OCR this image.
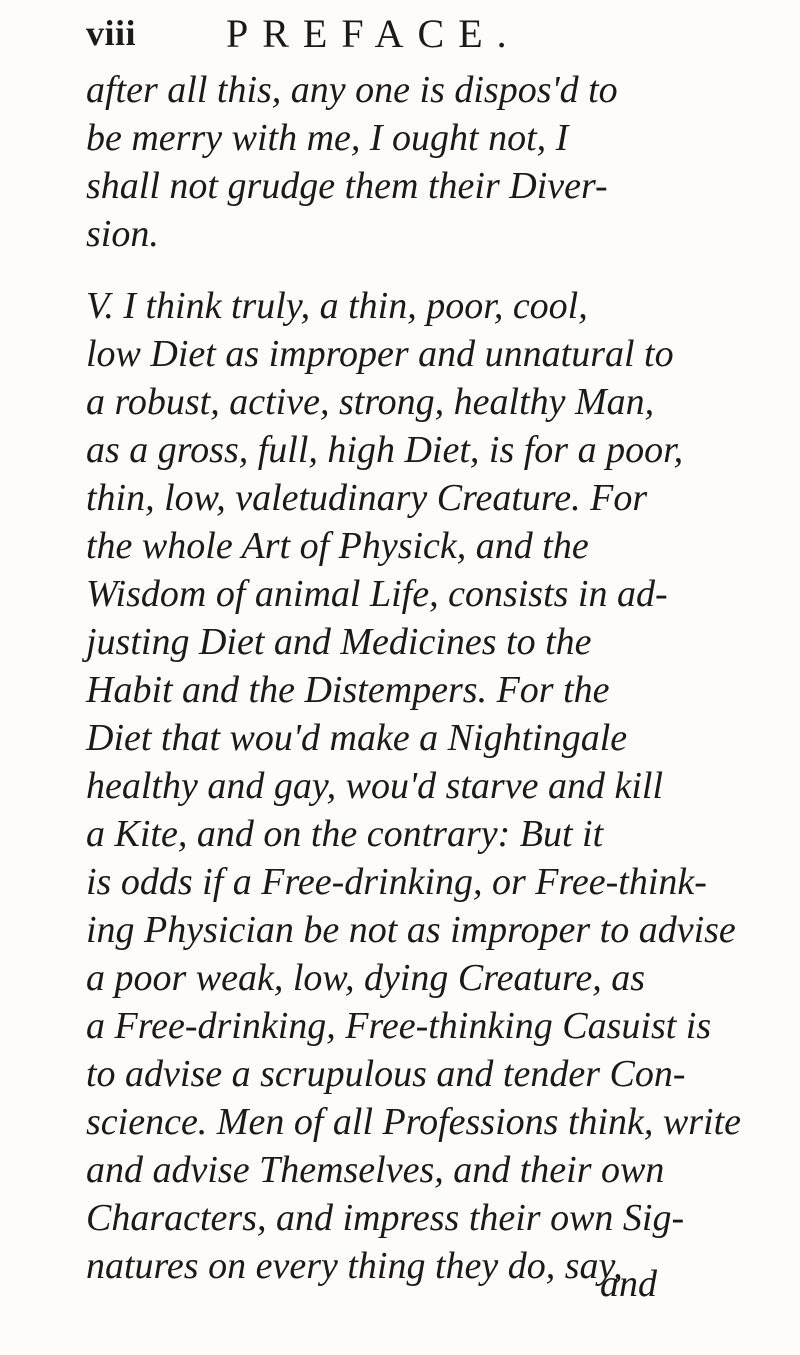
viii PREFACE.
after all this, any one is dispos'd to
be merry with me, I ought not, I
shall not grudge them their Diver-
sion.
V. I think truly, a thin, poor, cool,
low Diet as improper and unnatural to
a robust, active, strong, healthy Man,
as a gross, full, high Diet, is for a poor,
thin, low, valetudinary Creature. For
the whole Art of Physick, and the
Wisdom of animal Life, consists in ad-
justing Diet and Medicines to the
Habit and the Distempers. For the
Diet that wou'd make a Nightingale
healthy and gay, wou'd starve and kill
a Kite, and on the contrary: But it
is odds if a Free-drinking, or Free-think-
ing Physician be not as improper to advise
a poor weak, low, dying Creature, as
a Free-drinking, Free-thinking Casuist is
to advise a scrupulous and tender Con-
science. Men of all Professions think, write
and advise Themselves, and their own
Characters, and impress their own Sig-
natures on every thing they do, say,
and
